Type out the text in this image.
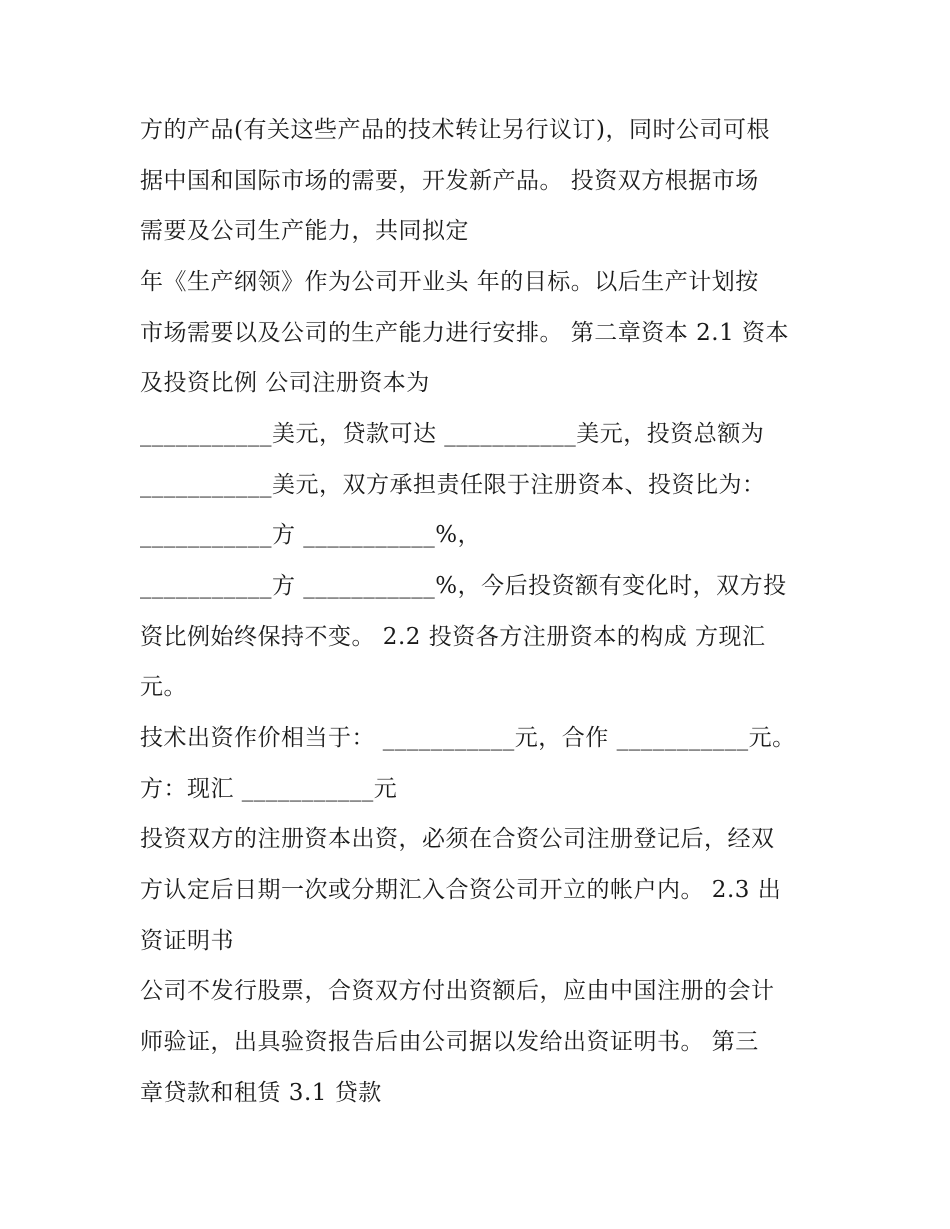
方的产品(有关这些产品的技术转让另行议订)，同时公司可根
据中国和国际市场的需要，开发新产品。 投资双方根据市场
需要及公司生产能力，共同拟定
年《生产纲领》作为公司开业头 年的目标。以后生产计划按
市场需要以及公司的生产能力进行安排。 第二章资本 2.1 资本
及投资比例 公司注册资本为
___________美元，贷款可达 ___________美元，投资总额为
___________美元，双方承担责任限于注册资本、投资比为：
___________方 ___________%，
___________方 ___________%，今后投资额有变化时，双方投
资比例始终保持不变。 2.2 投资各方注册资本的构成 方现汇
元。
技术出资作价相当于： ___________元，合作 ___________元。
方：现汇 ___________元
投资双方的注册资本出资，必须在合资公司注册登记后，经双
方认定后日期一次或分期汇入合资公司开立的帐户内。 2.3 出
资证明书
公司不发行股票，合资双方付出资额后，应由中国注册的会计
师验证，出具验资报告后由公司据以发给出资证明书。 第三
章贷款和租赁 3.1 贷款
